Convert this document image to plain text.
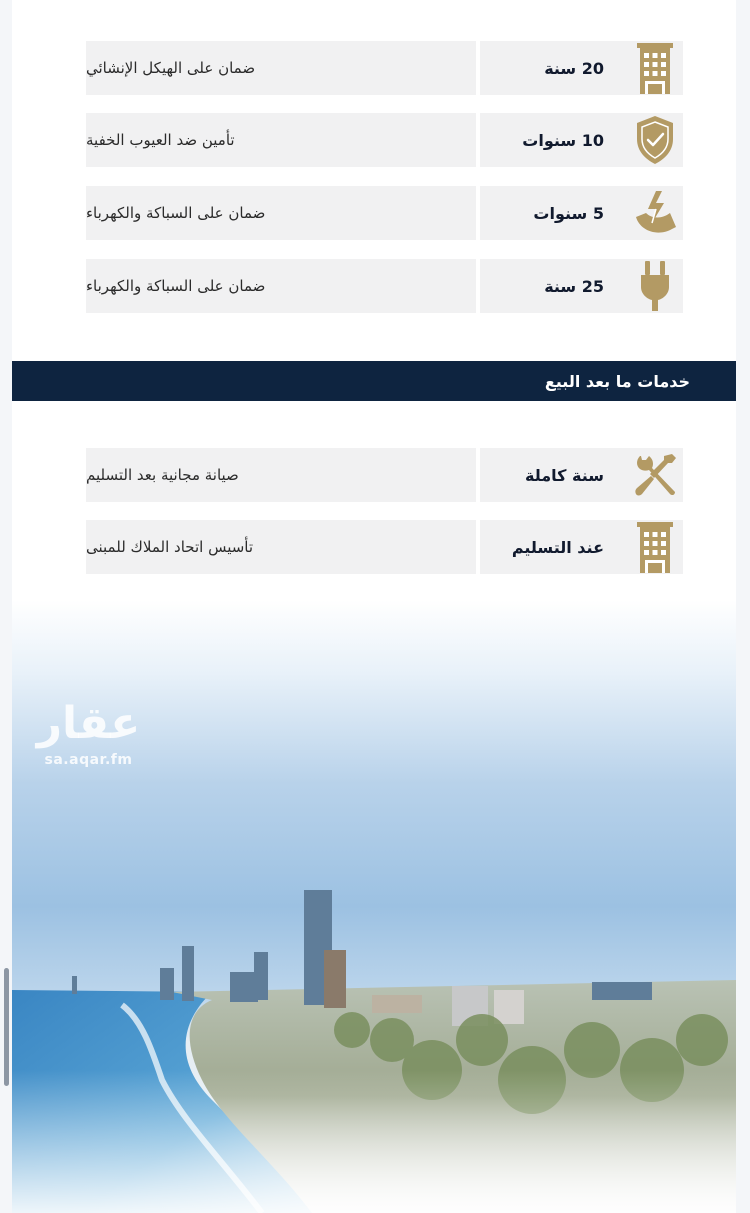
ضمان على الهيكل الإنشائي	20 سنة
تأمين ضد العيوب الخفية	10 سنوات
ضمان على السباكة والكهرباء	5 سنوات
ضمان على السباكة والكهرباء	25 سنة
خدمات ما بعد البيع
صيانة مجانية بعد التسليم	سنة كاملة
تأسيس اتحاد الملاك للمبنى	عند التسليم
عقار
sa.aqar.fm
